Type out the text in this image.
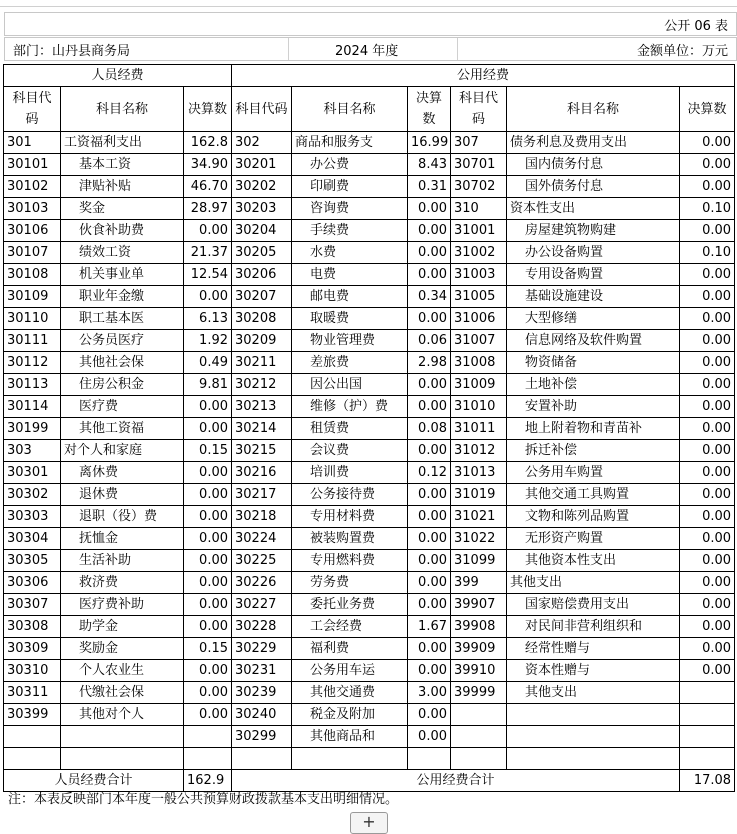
公开 06 表
部门：山丹县商务局	2024 年度	金额单位：万元
人员经费			公用经费					
科目代码	科目名称	决算数	科目代码	科目名称	决算数	科目代码	科目名称	决算数
301	工资福利支出	162.8	302	商品和服务支	16.99	307	债务利息及费用支出	0.00
30101	基本工资	34.90	30201	办公费	8.43	30701	国内债务付息	0.00
30102	津贴补贴	46.70	30202	印刷费	0.31	30702	国外债务付息	0.00
30103	奖金	28.97	30203	咨询费	0.00	310	资本性支出	0.10
30106	伙食补助费	0.00	30204	手续费	0.00	31001	房屋建筑物购建	0.00
30107	绩效工资	21.37	30205	水费	0.00	31002	办公设备购置	0.10
30108	机关事业单	12.54	30206	电费	0.00	31003	专用设备购置	0.00
30109	职业年金缴	0.00	30207	邮电费	0.34	31005	基础设施建设	0.00
30110	职工基本医	6.13	30208	取暖费	0.00	31006	大型修缮	0.00
30111	公务员医疗	1.92	30209	物业管理费	0.06	31007	信息网络及软件购置	0.00
30112	其他社会保	0.49	30211	差旅费	2.98	31008	物资储备	0.00
30113	住房公积金	9.81	30212	因公出国	0.00	31009	土地补偿	0.00
30114	医疗费	0.00	30213	维修（护）费	0.00	31010	安置补助	0.00
30199	其他工资福	0.00	30214	租赁费	0.08	31011	地上附着物和青苗补	0.00
303	对个人和家庭	0.15	30215	会议费	0.00	31012	拆迁补偿	0.00
30301	离休费	0.00	30216	培训费	0.12	31013	公务用车购置	0.00
30302	退休费	0.00	30217	公务接待费	0.00	31019	其他交通工具购置	0.00
30303	退职（役）费	0.00	30218	专用材料费	0.00	31021	文物和陈列品购置	0.00
30304	抚恤金	0.00	30224	被装购置费	0.00	31022	无形资产购置	0.00
30305	生活补助	0.00	30225	专用燃料费	0.00	31099	其他资本性支出	0.00
30306	救济费	0.00	30226	劳务费	0.00	399	其他支出	0.00
30307	医疗费补助	0.00	30227	委托业务费	0.00	39907	国家赔偿费用支出	0.00
30308	助学金	0.00	30228	工会经费	1.67	39908	对民间非营利组织和	0.00
30309	奖励金	0.15	30229	福利费	0.00	39909	经常性赠与	0.00
30310	个人农业生	0.00	30231	公务用车运	0.00	39910	资本性赠与	0.00
30311	代缴社会保	0.00	30239	其他交通费	3.00	39999	其他支出	
30399	其他对个人	0.00	30240	税金及附加	0.00			
			30299	其他商品和	0.00			

人员经费合计		162.9	公用经费合计					17.08
注：本表反映部门本年度一般公共预算财政拨款基本支出明细情况。
+
